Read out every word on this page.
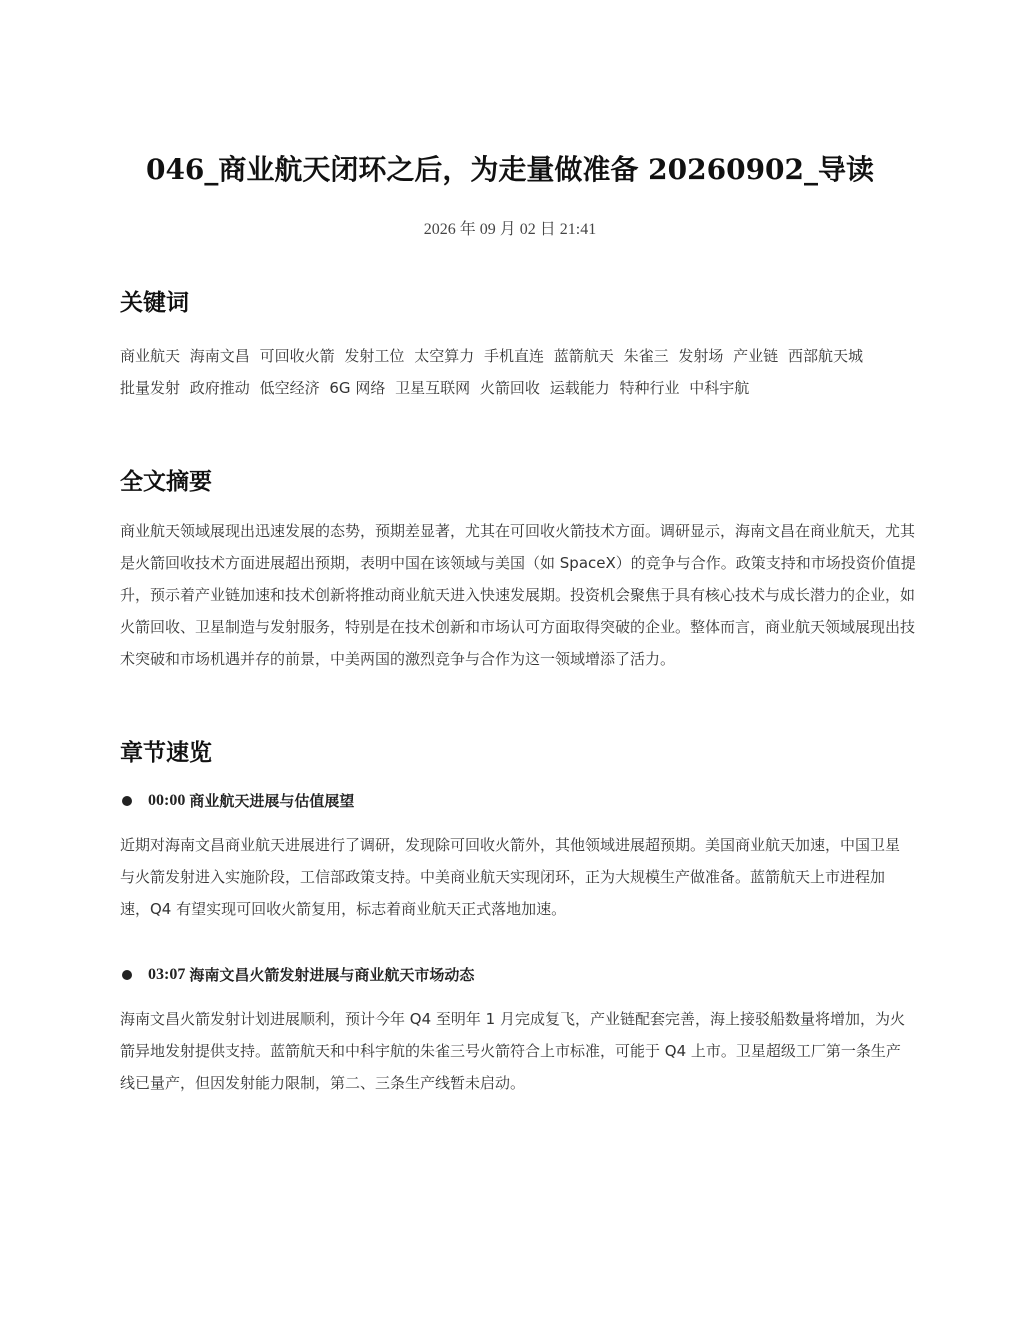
046_商业航天闭环之后，为走量做准备 20260902_导读
2026 年 09 月 02 日 21:41
关键词
商业航天 海南文昌 可回收火箭 发射工位 太空算力 手机直连 蓝箭航天 朱雀三 发射场 产业链 西部航天城
批量发射 政府推动 低空经济 6G 网络 卫星互联网 火箭回收 运载能力 特种行业 中科宇航
全文摘要

商业航天领域展现出迅速发展的态势，预期差显著，尤其在可回收火箭技术方面。调研显示，海南文昌在商业航天，尤其是火箭回收技术方面进展超出预期，表明中国在该领域与美国（如 SpaceX）的竞争与合作。政策支持和市场投资价值提升，预示着产业链加速和技术创新将推动商业航天进入快速发展期。投资机会聚焦于具有核心技术与成长潜力的企业，如火箭回收、卫星制造与发射服务，特别是在技术创新和市场认可方面取得突破的企业。整体而言，商业航天领域展现出技术突破和市场机遇并存的前景，中美两国的激烈竞争与合作为这一领域增添了活力。

章节速览
00:00 商业航天进展与估值展望
近期对海南文昌商业航天进展进行了调研，发现除可回收火箭外，其他领域进展超预期。美国商业航天加速，中国卫星与火箭发射进入实施阶段，工信部政策支持。中美商业航天实现闭环，正为大规模生产做准备。蓝箭航天上市进程加速，Q4 有望实现可回收火箭复用，标志着商业航天正式落地加速。
03:07 海南文昌火箭发射进展与商业航天市场动态
海南文昌火箭发射计划进展顺利，预计今年 Q4 至明年 1 月完成复飞，产业链配套完善，海上接驳船数量将增加，为火箭异地发射提供支持。蓝箭航天和中科宇航的朱雀三号火箭符合上市标准，可能于 Q4 上市。卫星超级工厂第一条生产线已量产，但因发射能力限制，第二、三条生产线暂未启动。
